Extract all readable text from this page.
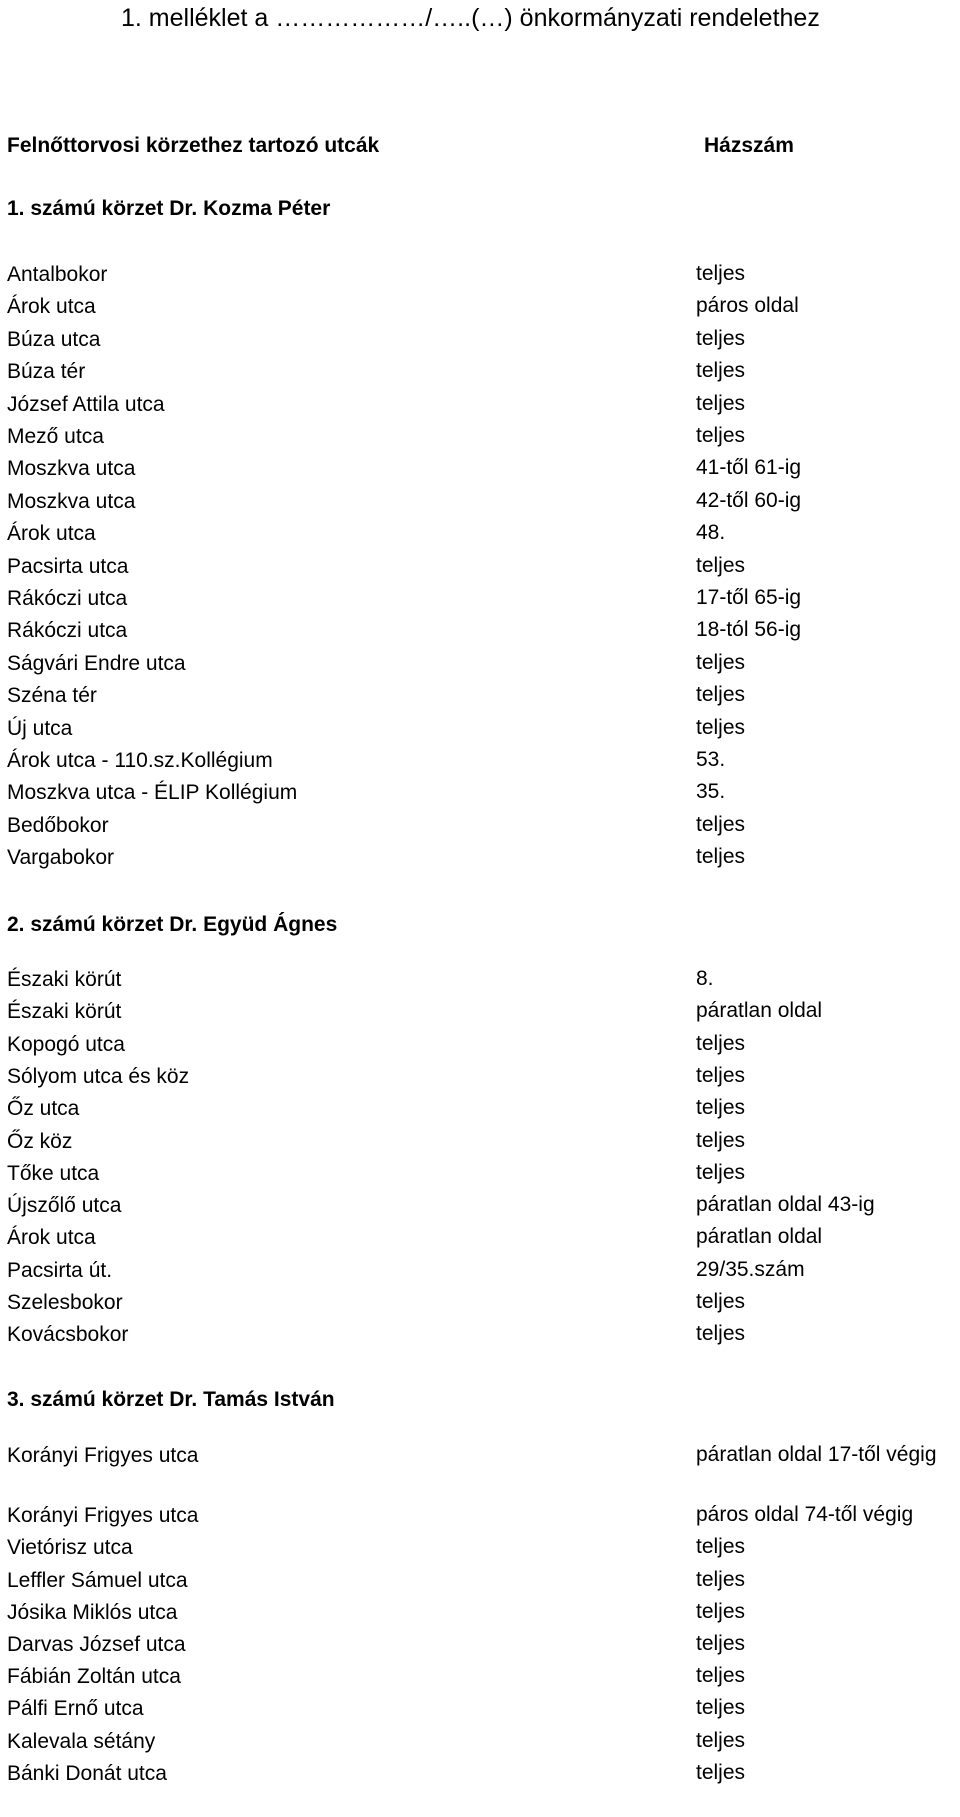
1. melléklet a ………………/…..(…) önkormányzati rendelethez
Felnőttorvosi körzethez tartozó utcák	Házszám
1. számú körzet Dr. Kozma Péter
Antalbokor	teljes
Árok utca	páros oldal
Búza utca	teljes
Búza tér	teljes
József Attila utca	teljes
Mező utca	teljes
Moszkva utca	41-től 61-ig
Moszkva utca	42-től 60-ig
Árok utca	48.
Pacsirta utca	teljes
Rákóczi utca	17-től 65-ig
Rákóczi utca	18-tól 56-ig
Ságvári Endre utca	teljes
Széna tér	teljes
Új utca	teljes
Árok utca - 110.sz.Kollégium	53.
Moszkva utca - ÉLIP Kollégium	35.
Bedőbokor	teljes
Vargabokor	teljes
2. számú körzet Dr. Együd Ágnes
Északi körút	8.
Északi körút	páratlan oldal
Kopogó utca	teljes
Sólyom utca és köz	teljes
Őz utca	teljes
Őz köz	teljes
Tőke utca	teljes
Újszőlő utca	páratlan oldal 43-ig
Árok utca	páratlan oldal
Pacsirta út.	29/35.szám
Szelesbokor	teljes
Kovácsbokor	teljes
3. számú körzet Dr. Tamás István
Korányi Frigyes utca	páratlan oldal 17-től végig
Korányi Frigyes utca	páros oldal 74-től végig
Vietórisz utca	teljes
Leffler Sámuel utca	teljes
Jósika Miklós utca	teljes
Darvas József utca	teljes
Fábián Zoltán utca	teljes
Pálfi Ernő utca	teljes
Kalevala sétány	teljes
Bánki Donát utca	teljes
